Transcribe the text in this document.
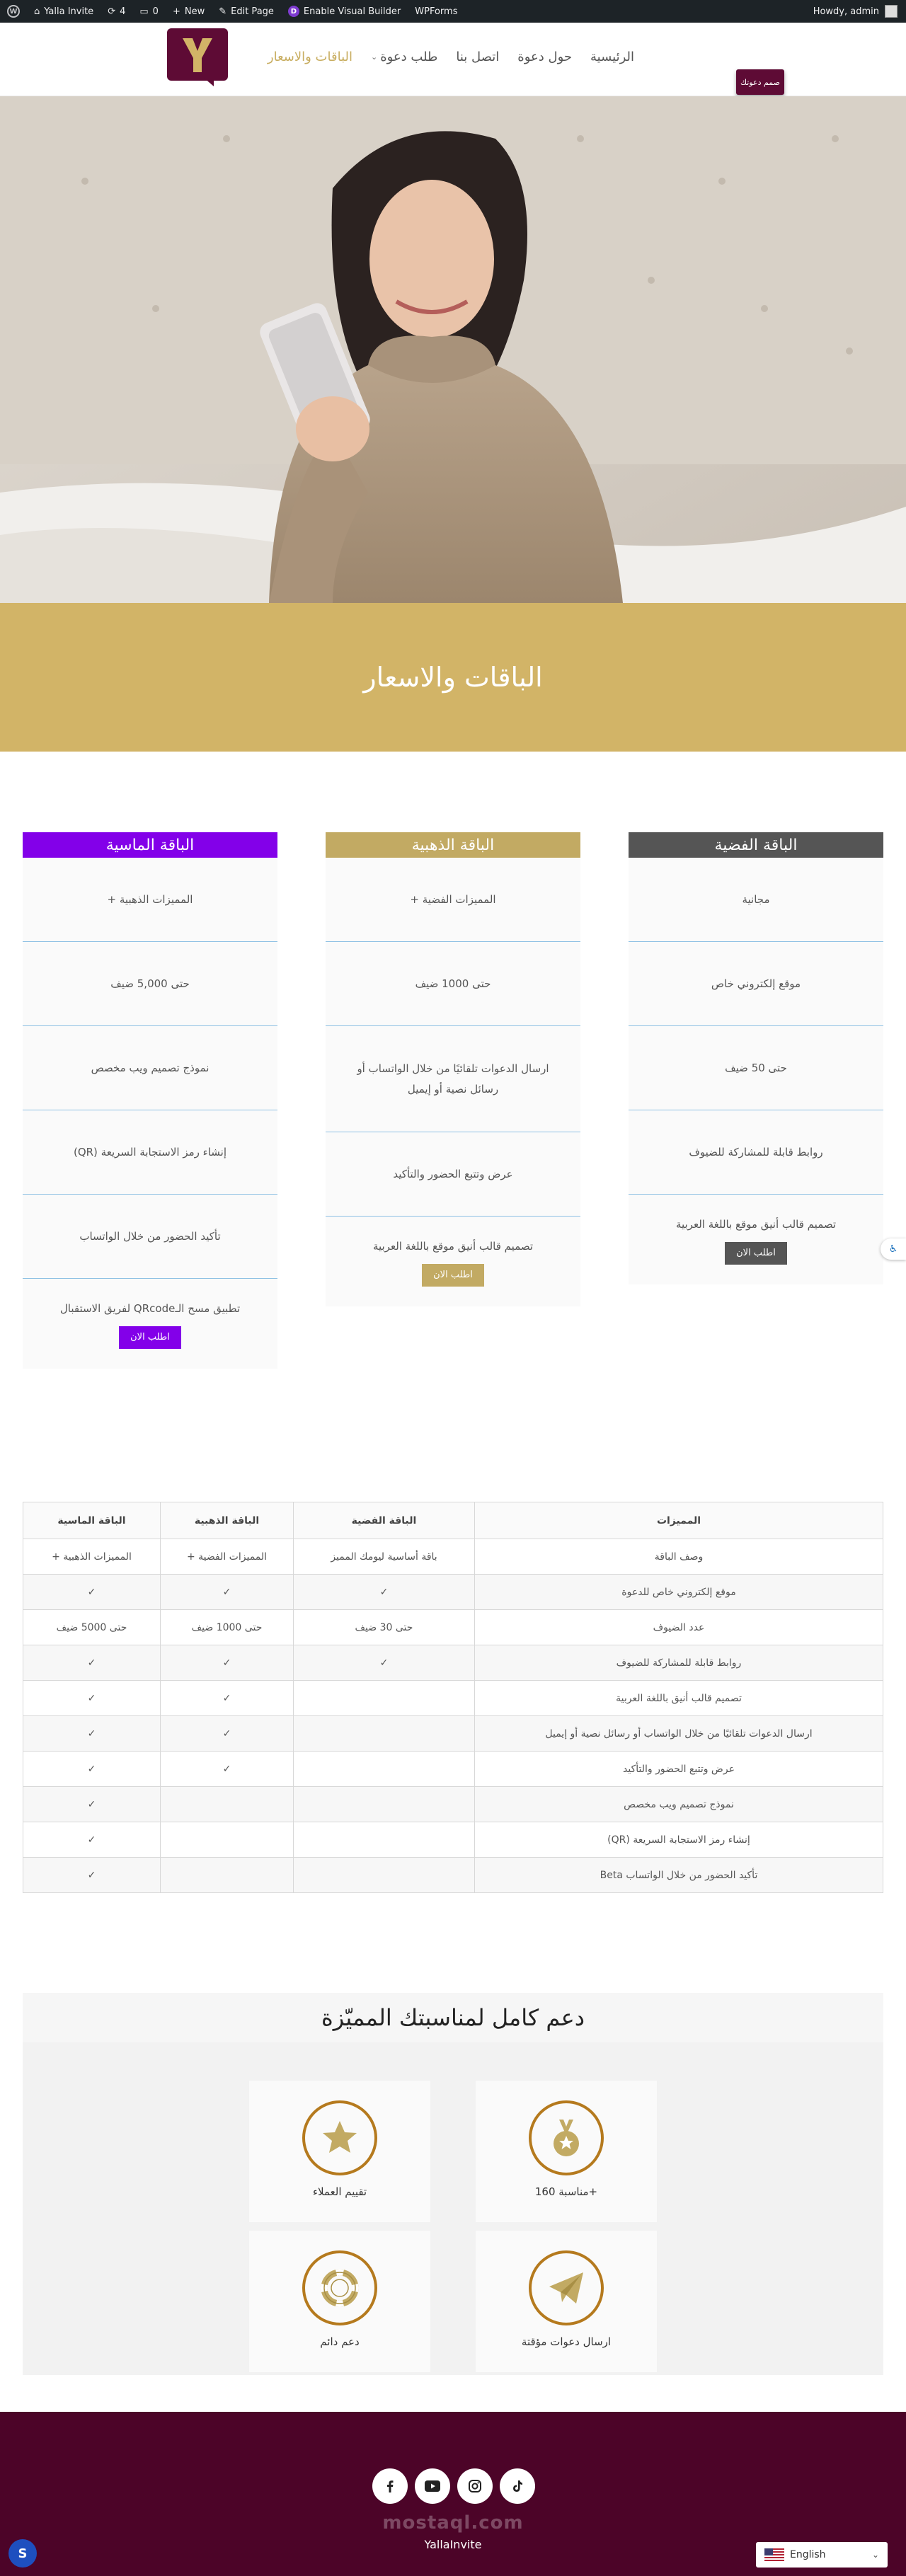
W ⌂ Yalla Invite ⟳ 4 ▭ 0 + New ✎ Edit Page	D Enable Visual Builder WPForms	Howdy, admin
الرئيسية
حول دعوة
اتصل بنا
⌄ طلب دعوة
الباقات والاسعار
صمم دعوتك
الباقات والاسعار
الباقة الفضية
مجانية
موقع إلكتروني خاص
حتى 50 ضيف
روابط قابلة للمشاركة للضيوف
تصميم قالب أنيق موقع باللغة العربية
اطلب الان
الباقة الذهبية
+ المميزات الفضية
حتى 1000 ضيف
ارسال الدعوات تلقائيًا من خلال الواتساب أو رسائل نصية أو إيميل
عرض وتتبع الحضور والتأكيد
تصميم قالب أنيق موقع باللغة العربية
اطلب الان
الباقة الماسية
+ المميزات الذهبية
حتى 5,000 ضيف
نموذج تصميم ويب مخصص
(QR) إنشاء رمز الاستجابة السريعة
تأكيد الحضور من خلال الواتساب
لفريق الاستقبال QRcodeتطبيق مسح الـ
اطلب الان
♿
الباقة الماسية	الباقة الذهبية	الباقة الفضية	المميزات
+ المميزات الذهبية	+ المميزات الفضية	باقة أساسية ليومك المميز	وصف الباقة
✓	✓	✓	موقع إلكتروني خاص للدعوة
حتى 5000 ضيف	حتى 1000 ضيف	حتى 30 ضيف	عدد الضيوف
✓	✓	✓	روابط قابلة للمشاركة للضيوف
✓	✓		تصميم قالب أنيق باللغة العربية
✓	✓		ارسال الدعوات تلقائيًا من خلال الواتساب أو رسائل نصية أو إيميل
✓	✓		عرض وتتبع الحضور والتأكيد
✓			نموذج تصميم ويب مخصص
✓			(QR) إنشاء رمز الاستجابة السريعة
✓			Beta تأكيد الحضور من خلال الواتساب
دعم كامل لمناسبتك المميّزة
مناسبة 160+
تقييم العملاء
ارسال دعوات مؤقتة
دعم دائم
mostaql.com
YallaInvite
S	English	⌄
